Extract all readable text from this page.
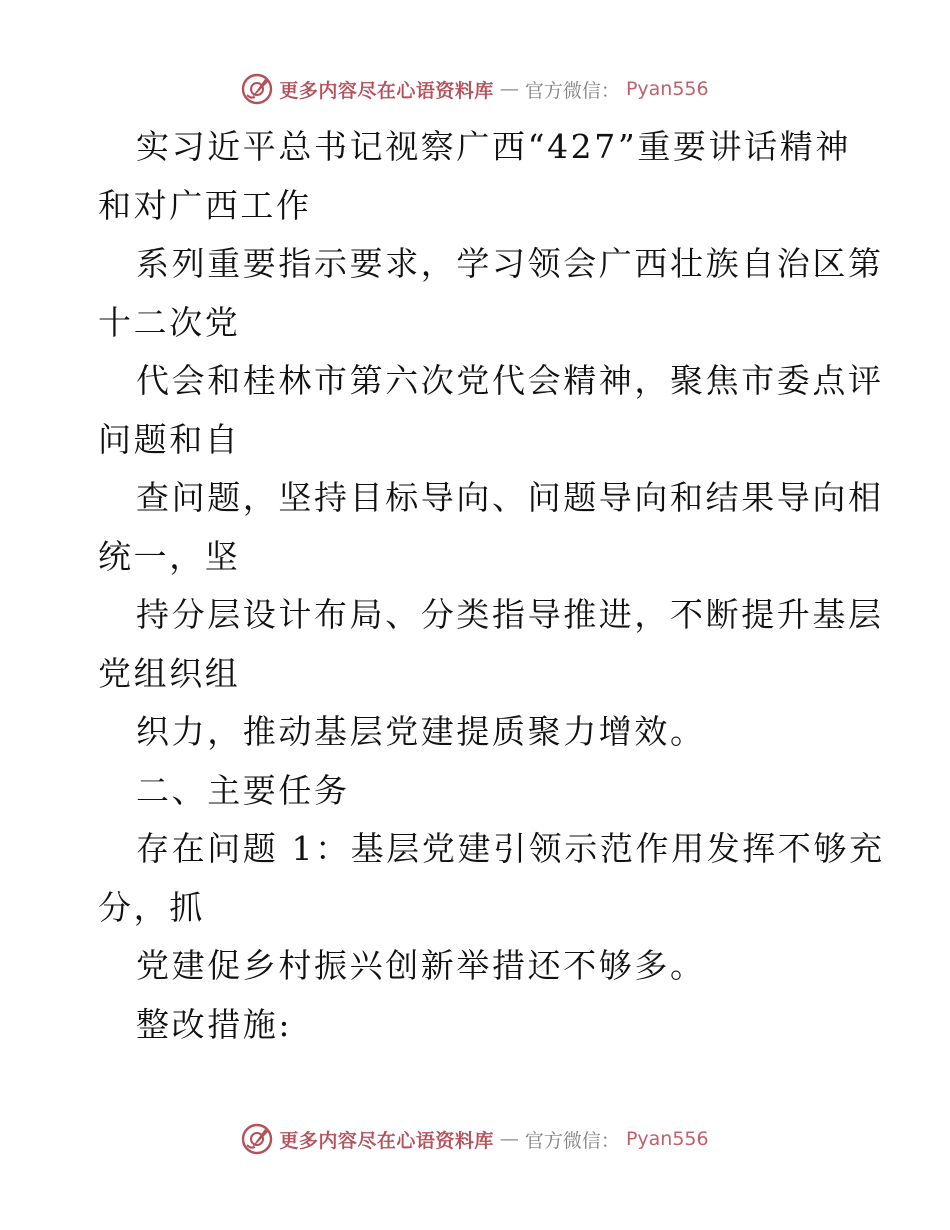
更多内容尽在心语资料库 — 官方微信： Pyan556
实习近平总书记视察广西“427”重要讲话精神
和对广西工作
系列重要指示要求，学习领会广西壮族自治区第
十二次党
代会和桂林市第六次党代会精神，聚焦市委点评
问题和自
查问题，坚持目标导向、问题导向和结果导向相
统一，坚
持分层设计布局、分类指导推进，不断提升基层
党组织组
织力，推动基层党建提质聚力增效。
二、主要任务
存在问题 1：基层党建引领示范作用发挥不够充
分，抓
党建促乡村振兴创新举措还不够多。
整改措施:
更多内容尽在心语资料库 — 官方微信： Pyan556
